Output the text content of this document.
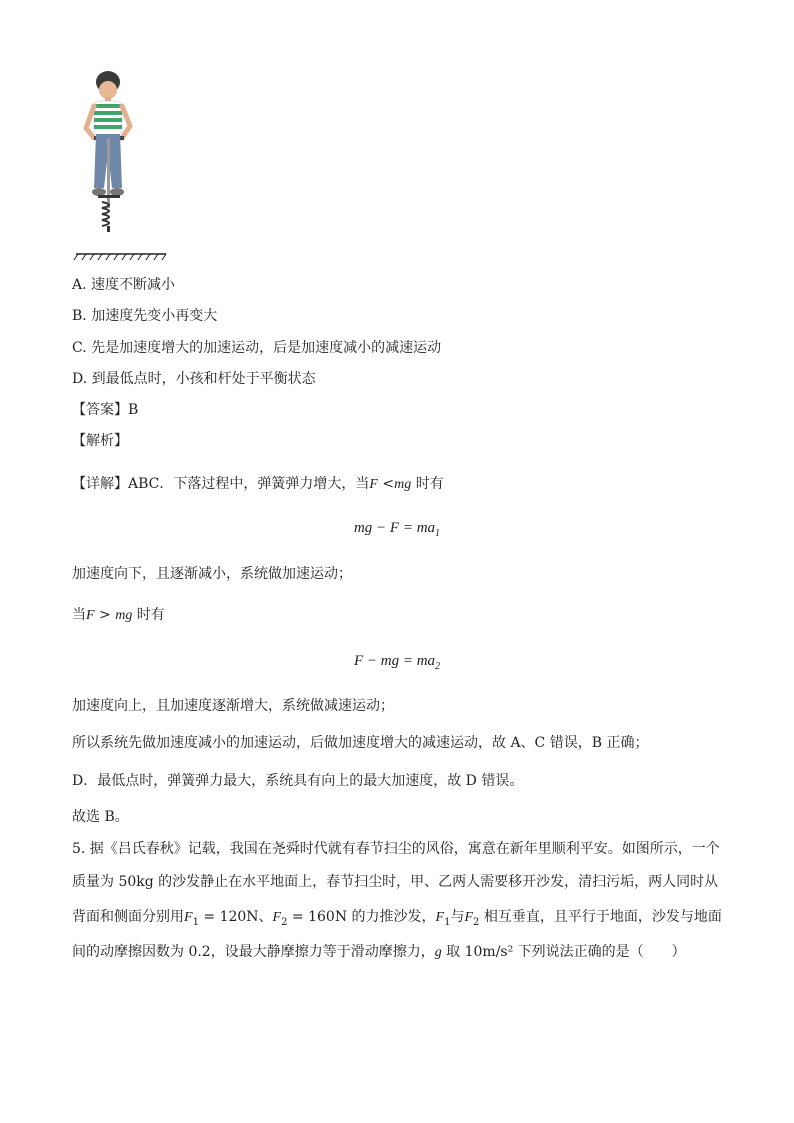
A. 速度不断减小
B. 加速度先变小再变大
C. 先是加速度增大的加速运动，后是加速度减小的减速运动
D. 到最低点时，小孩和杆处于平衡状态
【答案】B
【解析】
【详解】ABC．下落过程中，弹簧弹力增大，当F <mg 时有
mg − $F = ma_1$
加速度向下，且逐渐减小，系统做加速运动；
当F > mg 时有
F − mg = $ma_2$
加速度向上，且加速度逐渐增大，系统做减速运动；
所以系统先做加速度减小的加速运动，后做加速度增大的减速运动，故 A、C 错误，B 正确；
D．最低点时，弹簧弹力最大，系统具有向上的最大加速度，故 D 错误。
故选 B。
5. 据《吕氏春秋》记载，我国在尧舜时代就有春节扫尘的风俗，寓意在新年里顺利平安。如图所示，一个
质量为 50kg 的沙发静止在水平地面上，春节扫尘时，甲、乙两人需要移开沙发，清扫污垢，两人同时从
背面和侧面分别用$F_1 = 120N$、$F_2 = 160N$ 的力推沙发，$F_1$与$F_2$ 相互垂直，且平行于地面，沙发与地面
间的动摩擦因数为 0.2，设最大静摩擦力等于滑动摩擦力，g 取 10m/s² 下列说法正确的是（　　）
